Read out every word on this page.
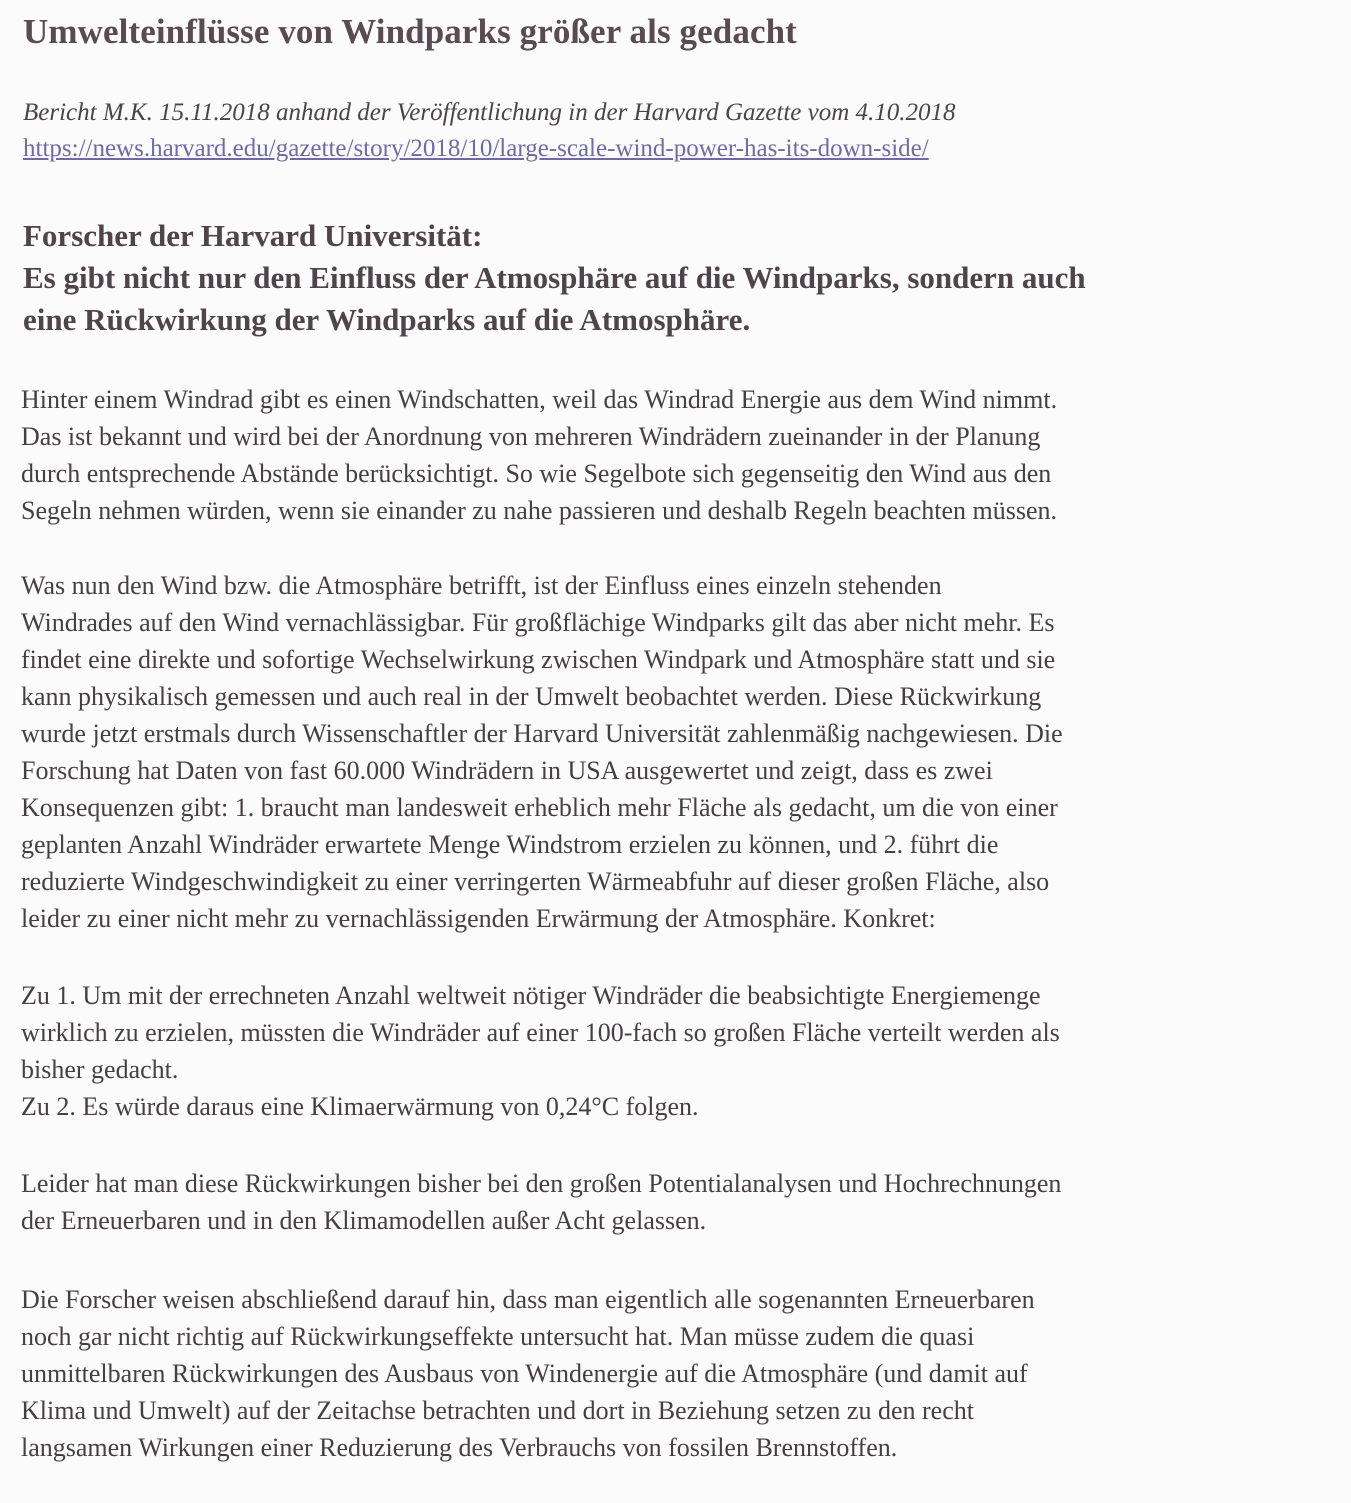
Umwelteinflüsse von Windparks größer als gedacht
Bericht M.K. 15.11.2018 anhand der Veröffentlichung in der Harvard Gazette vom 4.10.2018
https://news.harvard.edu/gazette/story/2018/10/large-scale-wind-power-has-its-down-side/
Forscher der Harvard Universität:
Es gibt nicht nur den Einfluss der Atmosphäre auf die Windparks, sondern auch
eine Rückwirkung der Windparks auf die Atmosphäre.
Hinter einem Windrad gibt es einen Windschatten, weil das Windrad Energie aus dem Wind nimmt.
Das ist bekannt und wird bei der Anordnung von mehreren Windrädern zueinander in der Planung
durch entsprechende Abstände berücksichtigt. So wie Segelbote sich gegenseitig den Wind aus den
Segeln nehmen würden, wenn sie einander zu nahe passieren und deshalb Regeln beachten müssen.
Was nun den Wind bzw. die Atmosphäre betrifft, ist der Einfluss eines einzeln stehenden
Windrades auf den Wind vernachlässigbar. Für großflächige Windparks gilt das aber nicht mehr. Es
findet eine direkte und sofortige Wechselwirkung zwischen Windpark und Atmosphäre statt und sie
kann physikalisch gemessen und auch real in der Umwelt beobachtet werden. Diese Rückwirkung
wurde jetzt erstmals durch Wissenschaftler der Harvard Universität zahlenmäßig nachgewiesen. Die
Forschung hat Daten von fast 60.000 Windrädern in USA ausgewertet und zeigt, dass es zwei
Konsequenzen gibt: 1. braucht man landesweit erheblich mehr Fläche als gedacht, um die von einer
geplanten Anzahl Windräder erwartete Menge Windstrom erzielen zu können, und 2. führt die
reduzierte Windgeschwindigkeit zu einer verringerten Wärmeabfuhr auf dieser großen Fläche, also
leider zu einer nicht mehr zu vernachlässigenden Erwärmung der Atmosphäre. Konkret:
Zu 1. Um mit der errechneten Anzahl weltweit nötiger Windräder die beabsichtigte Energiemenge
wirklich zu erzielen, müssten die Windräder auf einer 100-fach so großen Fläche verteilt werden als
bisher gedacht.
Zu 2. Es würde daraus eine Klimaerwärmung von 0,24°C folgen.
Leider hat man diese Rückwirkungen bisher bei den großen Potentialanalysen und Hochrechnungen
der Erneuerbaren und in den Klimamodellen außer Acht gelassen.
Die Forscher weisen abschließend darauf hin, dass man eigentlich alle sogenannten Erneuerbaren
noch gar nicht richtig auf Rückwirkungseffekte untersucht hat. Man müsse zudem die quasi
unmittelbaren Rückwirkungen des Ausbaus von Windenergie auf die Atmosphäre (und damit auf
Klima und Umwelt) auf der Zeitachse betrachten und dort in Beziehung setzen zu den recht
langsamen Wirkungen einer Reduzierung des Verbrauchs von fossilen Brennstoffen.
